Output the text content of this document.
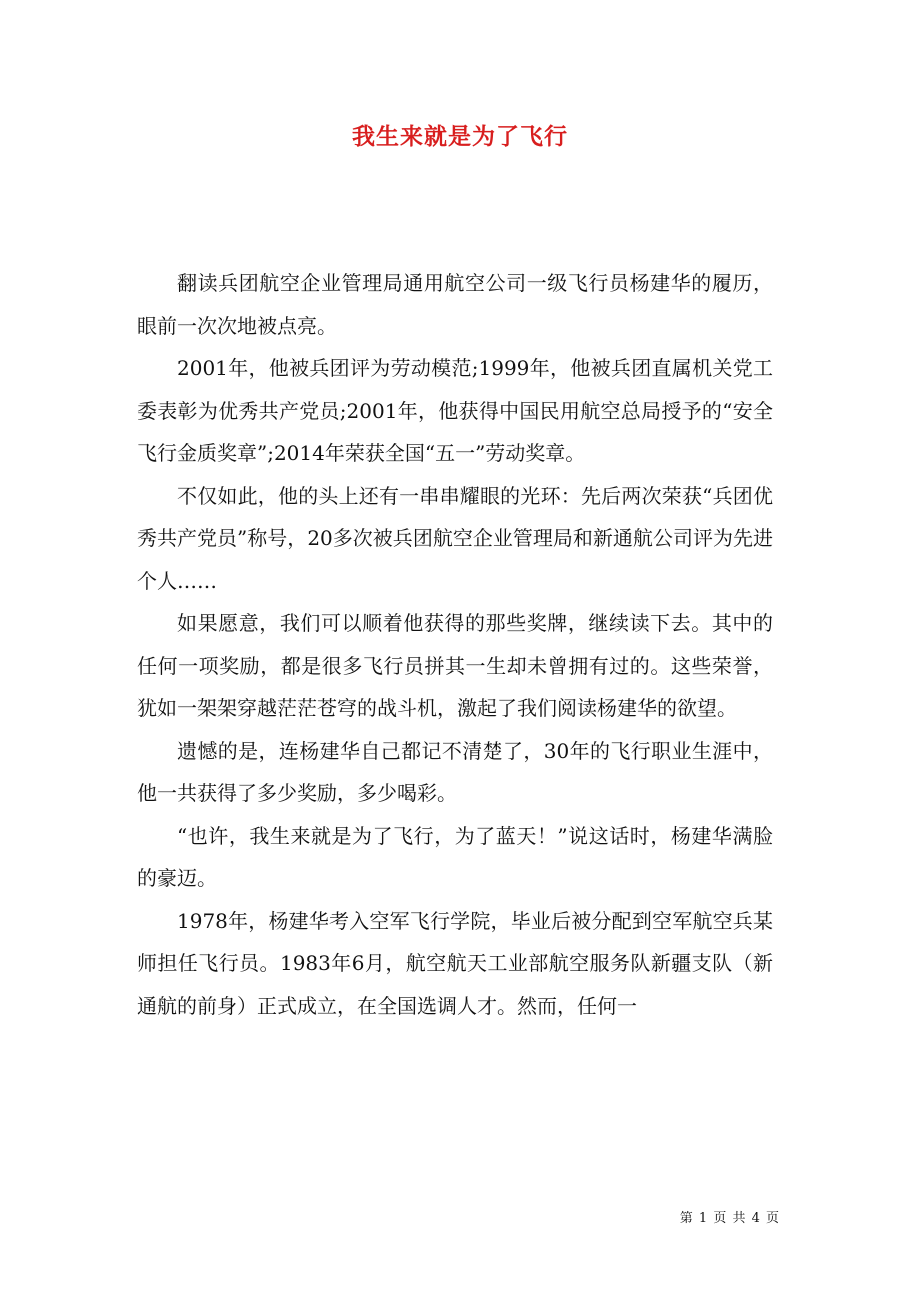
我生来就是为了飞行

翻读兵团航空企业管理局通用航空公司一级飞行员杨建华的履历，眼前一次次地被点亮。

2001年，他被兵团评为劳动模范;1999年，他被兵团直属机关党工委表彰为优秀共产党员;2001年，他获得中国民用航空总局授予的“安全飞行金质奖章”;2014年荣获全国“五一”劳动奖章。

不仅如此，他的头上还有一串串耀眼的光环：先后两次荣获“兵团优秀共产党员”称号，20多次被兵团航空企业管理局和新通航公司评为先进个人……

如果愿意，我们可以顺着他获得的那些奖牌，继续读下去。其中的任何一项奖励，都是很多飞行员拼其一生却未曾拥有过的。这些荣誉，犹如一架架穿越茫茫苍穹的战斗机，激起了我们阅读杨建华的欲望。

遗憾的是，连杨建华自己都记不清楚了，30年的飞行职业生涯中，他一共获得了多少奖励，多少喝彩。

“也许，我生来就是为了飞行，为了蓝天！”说这话时，杨建华满脸的豪迈。

1978年，杨建华考入空军飞行学院，毕业后被分配到空军航空兵某师担任飞行员。1983年6月，航空航天工业部航空服务队新疆支队（新通航的前身）正式成立，在全国选调人才。然而，任何一

第 1 页 共 4 页
